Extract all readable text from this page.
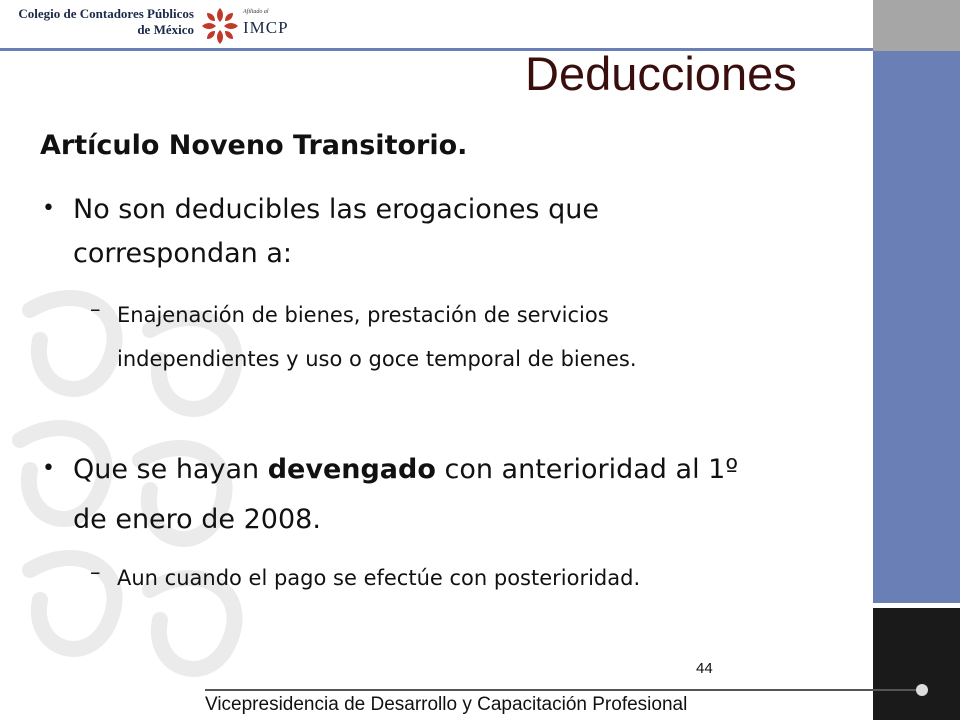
Colegio de Contadores Públicos
de México
Afiliado al
IMCP
Deducciones
Artículo Noveno Transitorio.
• No son deducibles las erogaciones que
correspondan a:
– Enajenación de bienes, prestación de servicios
independientes y uso o goce temporal de bienes.
• Que se hayan devengado con anterioridad al 1º
de enero de 2008.
– Aun cuando el pago se efectúe con posterioridad.
44
Vicepresidencia de Desarrollo y Capacitación Profesional
